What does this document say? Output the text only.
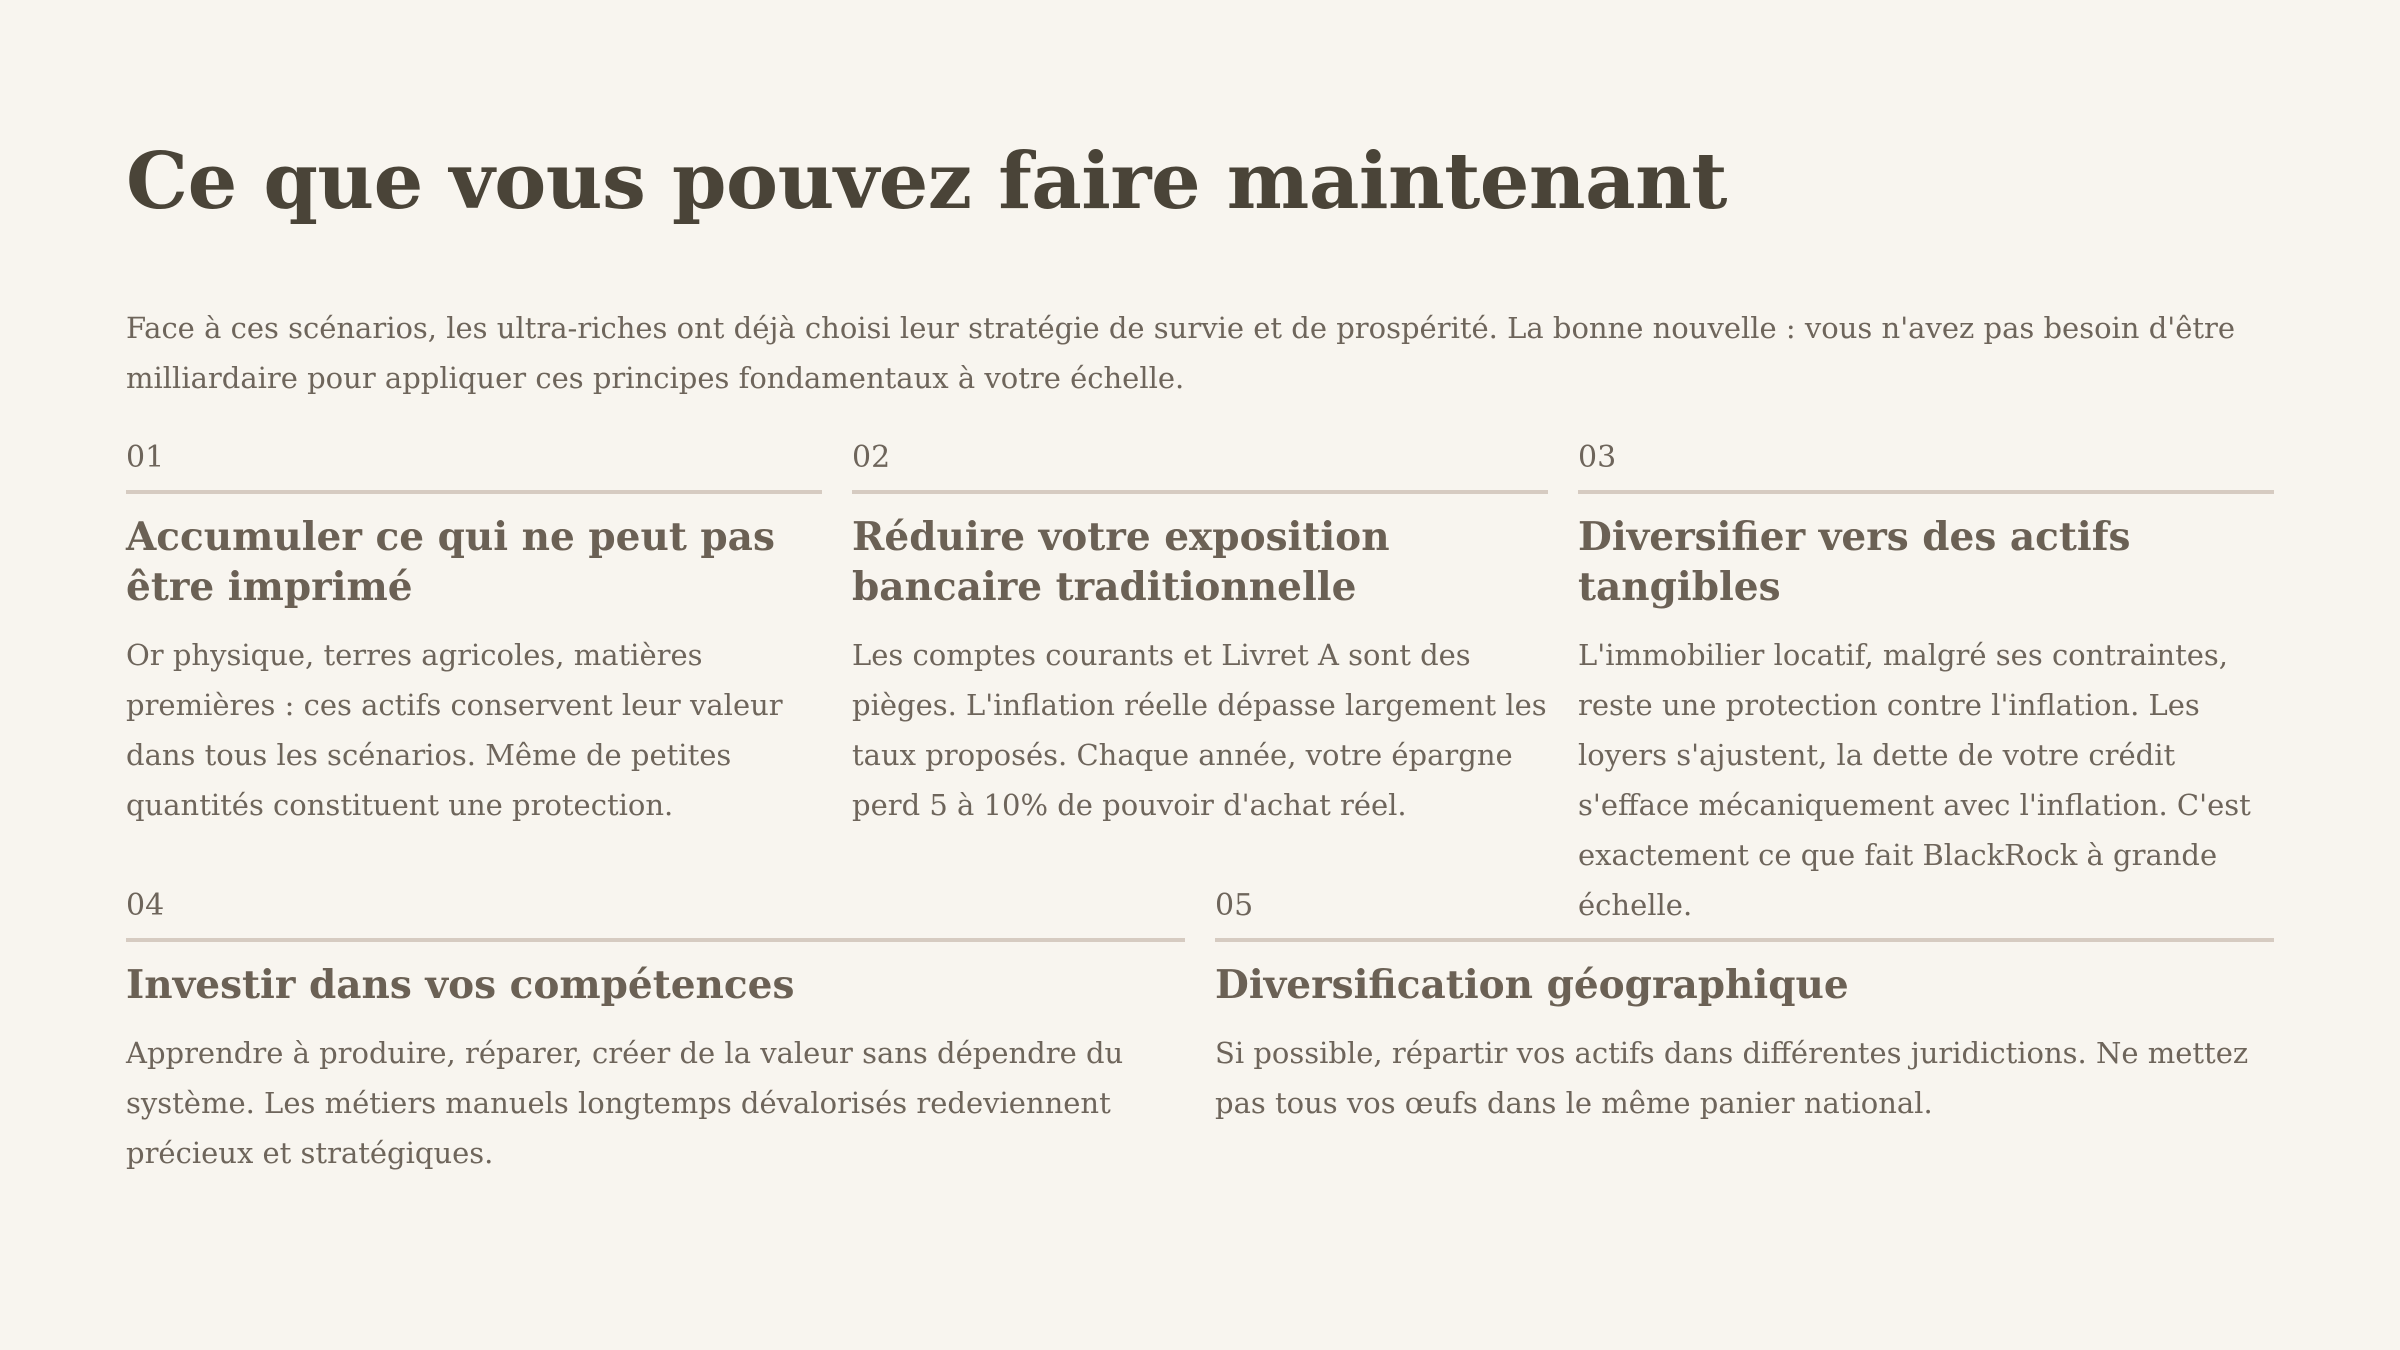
Ce que vous pouvez faire maintenant

Face à ces scénarios, les ultra-riches ont déjà choisi leur stratégie de survie et de prospérité. La bonne nouvelle : vous n'avez pas besoin d'être milliardaire pour appliquer ces principes fondamentaux à votre échelle.

01
Accumuler ce qui ne peut pas être imprimé

Or physique, terres agricoles, matières premières : ces actifs conservent leur valeur dans tous les scénarios. Même de petites quantités constituent une protection.

02
Réduire votre exposition bancaire traditionnelle

Les comptes courants et Livret A sont des pièges. L'inflation réelle dépasse largement les taux proposés. Chaque année, votre épargne perd 5 à 10% de pouvoir d'achat réel.

03
Diversifier vers des actifs tangibles

L'immobilier locatif, malgré ses contraintes, reste une protection contre l'inflation. Les loyers s'ajustent, la dette de votre crédit s'efface mécaniquement avec l'inflation. C'est exactement ce que fait BlackRock à grande échelle.

04
Investir dans vos compétences

Apprendre à produire, réparer, créer de la valeur sans dépendre du système. Les métiers manuels longtemps dévalorisés redeviennent précieux et stratégiques.

05
Diversification géographique

Si possible, répartir vos actifs dans différentes juridictions. Ne mettez pas tous vos œufs dans le même panier national.
